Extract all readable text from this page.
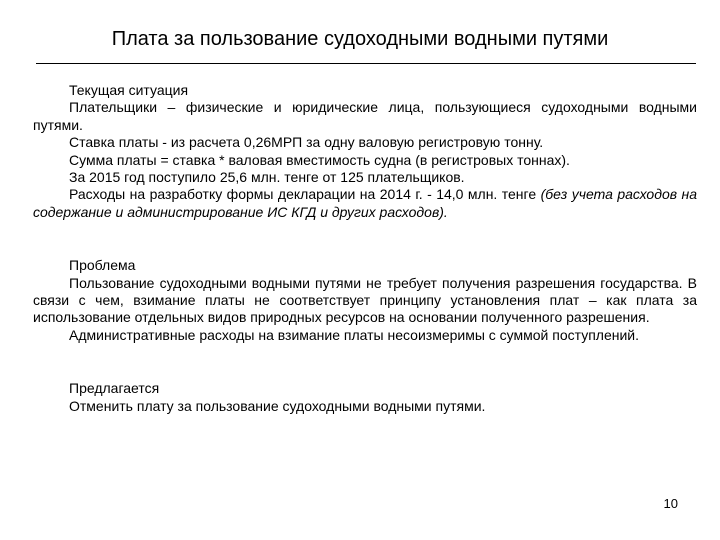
Плата за пользование судоходными водными путями
Текущая ситуация

Плательщики – физические и юридические лица, пользующиеся судоходными водными путями.

Ставка платы - из расчета 0,26МРП за одну валовую регистровую тонну.

Сумма платы = ставка * валовая вместимость судна (в регистровых тоннах).

За 2015 год поступило 25,6 млн. тенге от 125 плательщиков.

Расходы на разработку формы декларации на 2014 г. - 14,0 млн. тенге (без учета расходов на содержание и администрирование ИС КГД и других расходов).

Проблема

Пользование судоходными водными путями не требует получения разрешения государства. В связи с чем, взимание платы не соответствует принципу установления плат – как плата за использование отдельных видов природных ресурсов на основании полученного разрешения.

Административные расходы на взимание платы несоизмеримы с суммой поступлений.

Предлагается

Отменить плату за пользование судоходными водными путями.

10
